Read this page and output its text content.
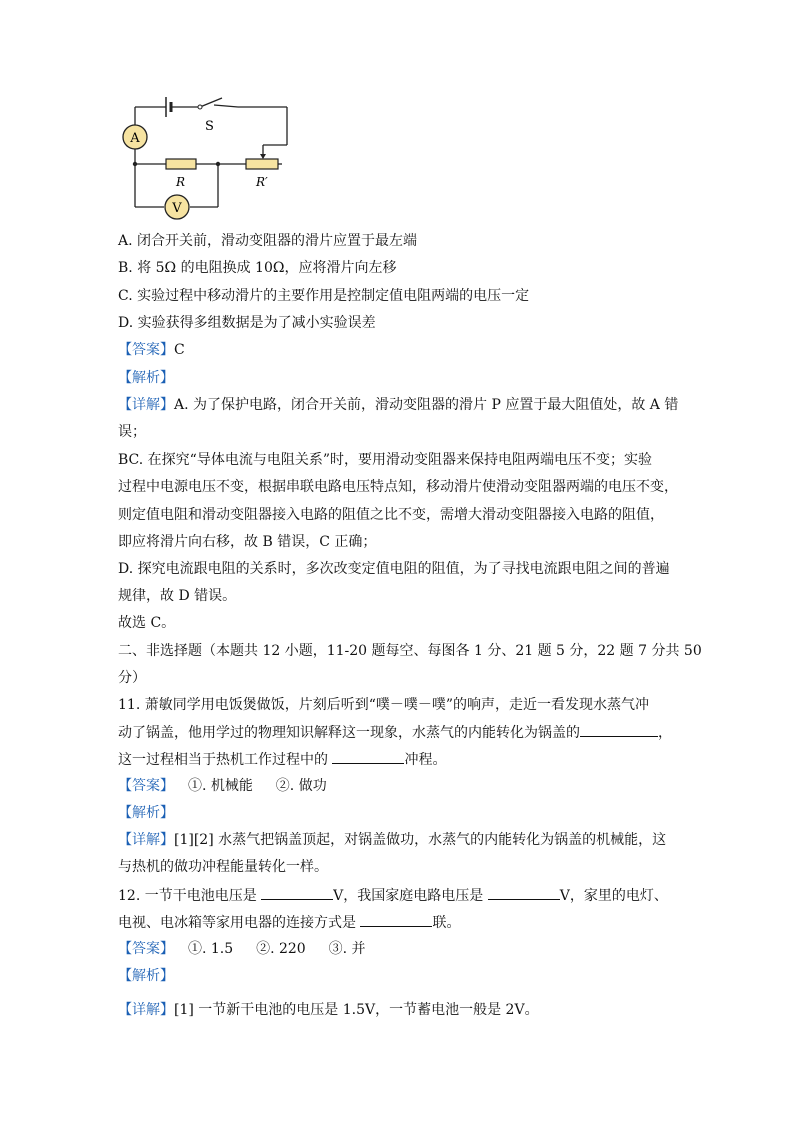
A
S
R	R′
V
A. 闭合开关前，滑动变阻器的滑片应置于最左端
B. 将 5Ω 的电阻换成 10Ω，应将滑片向左移
C. 实验过程中移动滑片的主要作用是控制定值电阻两端的电压一定
D. 实验获得多组数据是为了减小实验误差
【答案】C
【解析】
【详解】A. 为了保护电路，闭合开关前，滑动变阻器的滑片 P 应置于最大阻值处，故 A 错
误；
BC. 在探究“导体电流与电阻关系”时，要用滑动变阻器来保持电阻两端电压不变；实验
过程中电源电压不变，根据串联电路电压特点知，移动滑片使滑动变阻器两端的电压不变，
则定值电阻和滑动变阻器接入电路的阻值之比不变，需增大滑动变阻器接入电路的阻值，
即应将滑片向右移，故 B 错误，C 正确；
D. 探究电流跟电阻的关系时，多次改变定值电阻的阻值，为了寻找电流跟电阻之间的普遍
规律，故 D 错误。
故选 C。
二、非选择题（本题共 12 小题，11-20 题每空、每图各 1 分、21 题 5 分，22 题 7 分共 50
分）
11. 萧敏同学用电饭煲做饭，片刻后听到“噗－噗－噗”的响声，走近一看发现水蒸气冲
动了锅盖，他用学过的物理知识解释这一现象，水蒸气的内能转化为锅盖的	，
这一过程相当于热机工作过程中的	冲程。
【答案】 ①. 机械能 　 ②. 做功
【解析】
【详解】[1][2] 水蒸气把锅盖顶起，对锅盖做功，水蒸气的内能转化为锅盖的机械能，这
与热机的做功冲程能量转化一样。
12. 一节干电池电压是	V，我国家庭电路电压是	V，家里的电灯、
电视、电冰箱等家用电器的连接方式是	联。
【答案】 ①. 1.5 　 ②. 220 　 ③. 并
【解析】
【详解】[1] 一节新干电池的电压是 1.5V，一节蓄电池一般是 2V。
